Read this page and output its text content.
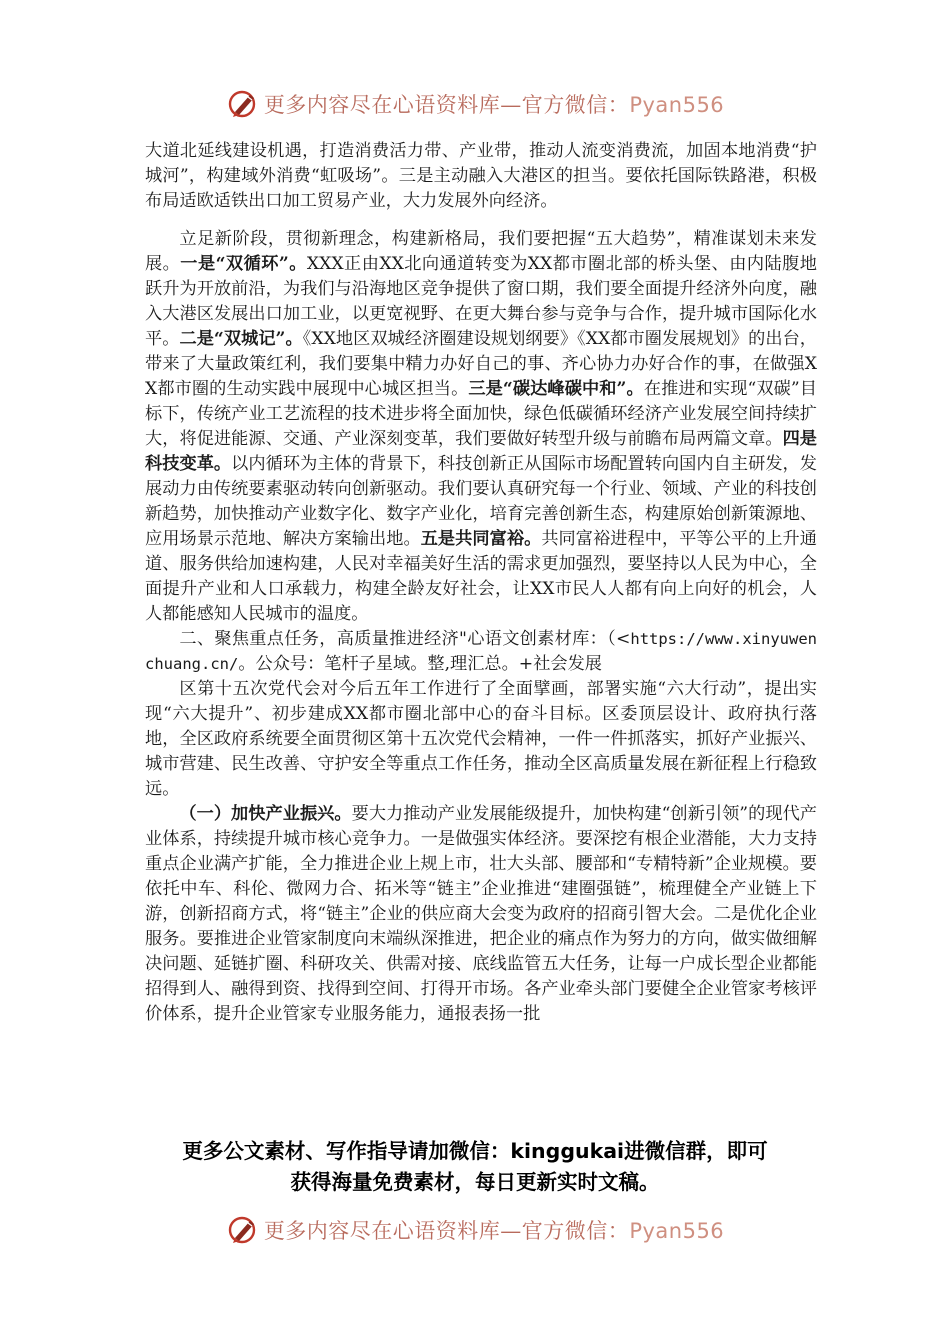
更多内容尽在心语资料库—官方微信：Pyan556

大道北延线建设机遇，打造消费活力带、产业带，推动人流变消费流，加固本地消费“护城河”，构建域外消费“虹吸场”。三是主动融入大港区的担当。要依托国际铁路港，积极布局适欧适铁出口加工贸易产业，大力发展外向经济。

立足新阶段，贯彻新理念，构建新格局，我们要把握“五大趋势”，精准谋划未来发展。一是“双循环”。XXX正由XX北向通道转变为XX都市圈北部的桥头堡、由内陆腹地跃升为开放前沿，为我们与沿海地区竞争提供了窗口期，我们要全面提升经济外向度，融入大港区发展出口加工业，以更宽视野、在更大舞台参与竞争与合作，提升城市国际化水平。二是“双城记”。《XX地区双城经济圈建设规划纲要》《XX都市圈发展规划》的出台，带来了大量政策红利，我们要集中精力办好自己的事、齐心协力办好合作的事，在做强XX都市圈的生动实践中展现中心城区担当。三是“碳达峰碳中和”。在推进和实现“双碳”目标下，传统产业工艺流程的技术进步将全面加快，绿色低碳循环经济产业发展空间持续扩大，将促进能源、交通、产业深刻变革，我们要做好转型升级与前瞻布局两篇文章。四是科技变革。以内循环为主体的背景下，科技创新正从国际市场配置转向国内自主研发，发展动力由传统要素驱动转向创新驱动。我们要认真研究每一个行业、领域、产业的科技创新趋势，加快推动产业数字化、数字产业化，培育完善创新生态，构建原始创新策源地、应用场景示范地、解决方案输出地。五是共同富裕。共同富裕进程中，平等公平的上升通道、服务供给加速构建，人民对幸福美好生活的需求更加强烈，要坚持以人民为中心，全面提升产业和人口承载力，构建全龄友好社会，让XX市民人人都有向上向好的机会，人人都能感知人民城市的温度。

二、聚焦重点任务，高质量推进经济"心语文创素材库：（<https://www.xinyuwenchuang.cn/。公众号：笔杆子星域。整,理汇总。+社会发展

区第十五次党代会对今后五年工作进行了全面擘画，部署实施“六大行动”，提出实现“六大提升”、初步建成XX都市圈北部中心的奋斗目标。区委顶层设计、政府执行落地，全区政府系统要全面贯彻区第十五次党代会精神，一件一件抓落实，抓好产业振兴、城市营建、民生改善、守护安全等重点工作任务，推动全区高质量发展在新征程上行稳致远。

（一）加快产业振兴。要大力推动产业发展能级提升，加快构建“创新引领”的现代产业体系，持续提升城市核心竞争力。一是做强实体经济。要深挖有根企业潜能，大力支持重点企业满产扩能，全力推进企业上规上市，壮大头部、腰部和“专精特新”企业规模。要依托中车、科伦、微网力合、拓米等“链主”企业推进“建圈强链”，梳理健全产业链上下游，创新招商方式，将“链主”企业的供应商大会变为政府的招商引智大会。二是优化企业服务。要推进企业管家制度向末端纵深推进，把企业的痛点作为努力的方向，做实做细解决问题、延链扩圈、科研攻关、供需对接、底线监管五大任务，让每一户成长型企业都能招得到人、融得到资、找得到空间、打得开市场。各产业牵头部门要健全企业管家考核评价体系，提升企业管家专业服务能力，通报表扬一批

更多公文素材、写作指导请加微信：kinggukai进微信群，即可
获得海量免费素材，每日更新实时文稿。
更多内容尽在心语资料库—官方微信：Pyan556
